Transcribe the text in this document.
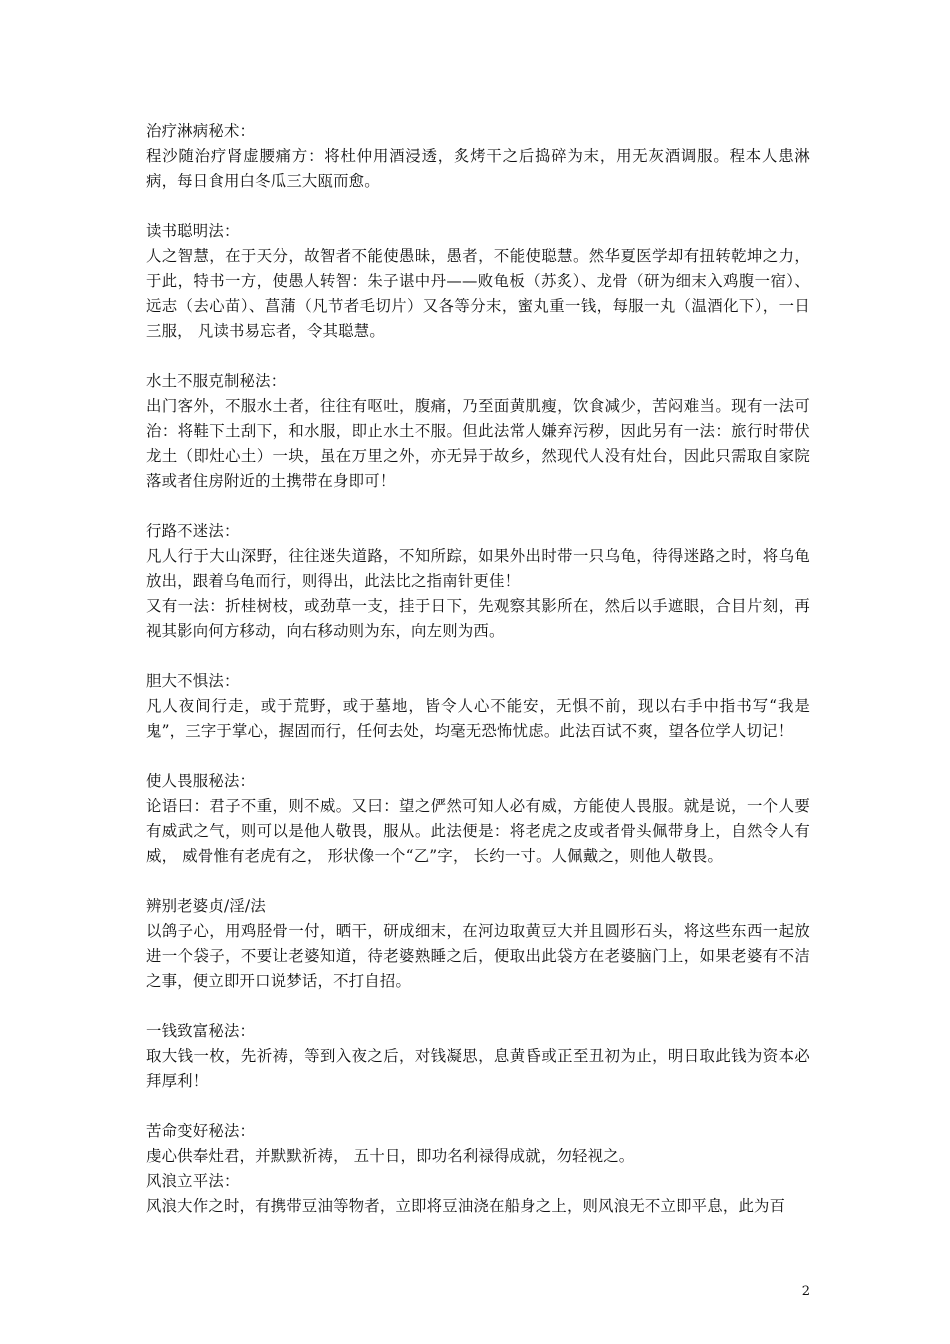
治疗淋病秘术：

程沙随治疗肾虚腰痛方：将杜仲用酒浸透，炙烤干之后捣碎为末，用无灰酒调服。程本人患淋病，每日食用白冬瓜三大瓯而愈。

读书聪明法：

人之智慧，在于天分，故智者不能使愚昧，愚者，不能使聪慧。然华夏医学却有扭转乾坤之力，于此，特书一方，使愚人转智：朱子谌中丹——败龟板（苏炙）、龙骨（研为细末入鸡腹一宿）、远志（去心苗）、菖蒲（凡节者毛切片）又各等分末，蜜丸重一钱，每服一丸（温酒化下），一日三服， 凡读书易忘者，令其聪慧。

水土不服克制秘法：

出门客外，不服水土者，往往有呕吐，腹痛，乃至面黄肌瘦，饮食减少，苦闷难当。现有一法可治：将鞋下土刮下，和水服，即止水土不服。但此法常人嫌弃污秽，因此另有一法：旅行时带伏龙土（即灶心土）一块，虽在万里之外，亦无异于故乡，然现代人没有灶台，因此只需取自家院落或者住房附近的土携带在身即可！

行路不迷法：

凡人行于大山深野，往往迷失道路，不知所踪，如果外出时带一只乌龟，待得迷路之时，将乌龟放出，跟着乌龟而行，则得出，此法比之指南针更佳！

又有一法：折桂树枝，或劲草一支，挂于日下，先观察其影所在，然后以手遮眼，合目片刻，再视其影向何方移动，向右移动则为东，向左则为西。

胆大不惧法：

凡人夜间行走，或于荒野，或于墓地，皆令人心不能安，无惧不前，现以右手中指书写“我是鬼”，三字于掌心，握固而行，任何去处，均毫无恐怖忧虑。此法百试不爽，望各位学人切记！

使人畏服秘法：

论语曰：君子不重，则不威。又曰：望之俨然可知人必有威，方能使人畏服。就是说，一个人要有威武之气，则可以是他人敬畏，服从。此法便是：将老虎之皮或者骨头佩带身上，自然令人有威， 威骨惟有老虎有之， 形状像一个“乙”字， 长约一寸。人佩戴之，则他人敬畏。

辨别老婆贞/淫/法

以鸽子心，用鸡胫骨一付，晒干，研成细末，在河边取黄豆大并且圆形石头，将这些东西一起放进一个袋子，不要让老婆知道，待老婆熟睡之后，便取出此袋方在老婆脑门上，如果老婆有不洁之事，便立即开口说梦话，不打自招。

一钱致富秘法：

取大钱一枚，先祈祷，等到入夜之后，对钱凝思，息黄昏或正至丑初为止，明日取此钱为资本必拜厚利！

苦命变好秘法：

虔心供奉灶君，并默默祈祷， 五十日，即功名利禄得成就，勿轻视之。

风浪立平法：

风浪大作之时，有携带豆油等物者，立即将豆油浇在船身之上，则风浪无不立即平息，此为百

2
